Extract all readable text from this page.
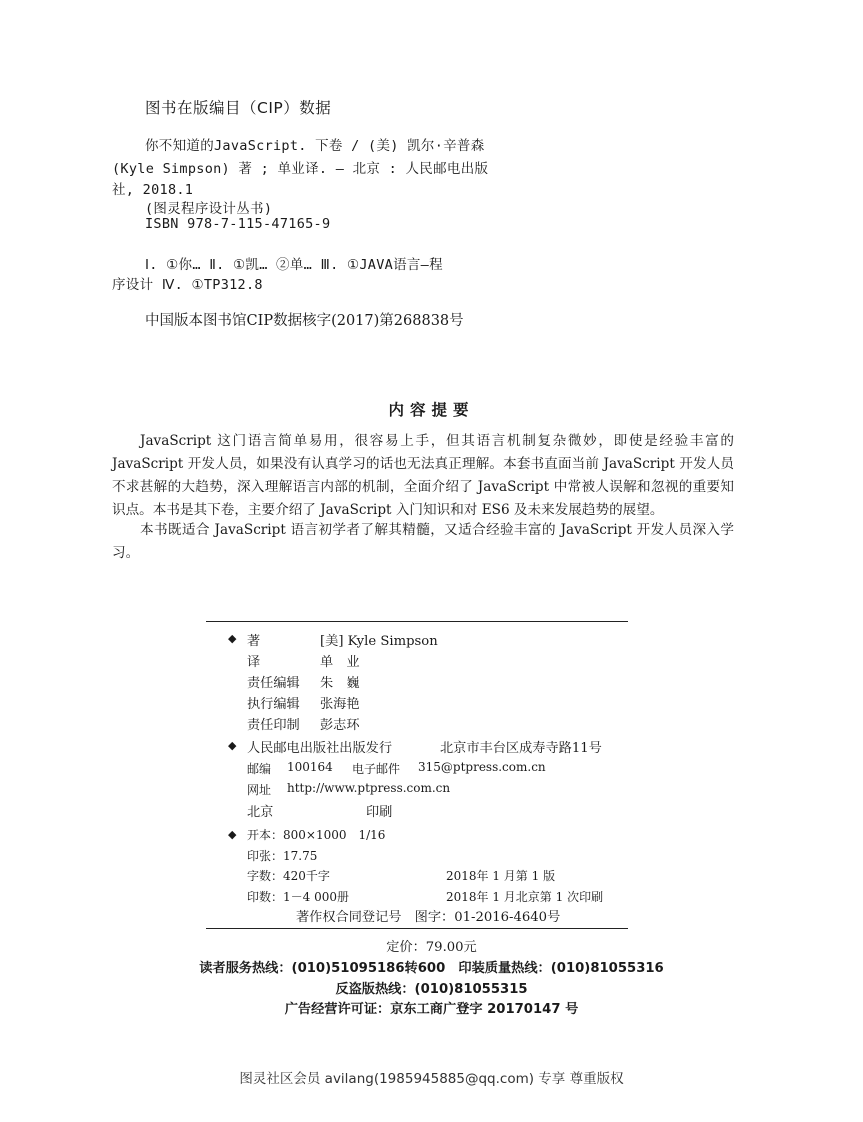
图书在版编目（CIP）数据
你不知道的JavaScript. 下卷 / (美) 凯尔·辛普森
(Kyle Simpson) 著 ; 单业译. — 北京 : 人民邮电出版
社, 2018.1
(图灵程序设计丛书)
ISBN 978-7-115-47165-9
Ⅰ. ①你… Ⅱ. ①凯… ②单… Ⅲ. ①JAVA语言—程
序设计 Ⅳ. ①TP312.8
中国版本图书馆CIP数据核字(2017)第268838号
内容提要

JavaScript 这门语言简单易用，很容易上手，但其语言机制复杂微妙，即使是经验丰富的 JavaScript 开发人员，如果没有认真学习的话也无法真正理解。本套书直面当前 JavaScript 开发人员不求甚解的大趋势，深入理解语言内部的机制，全面介绍了 JavaScript 中常被人误解和忽视的重要知识点。本书是其下卷，主要介绍了 JavaScript 入门知识和对 ES6 及未来发展趋势的展望。

本书既适合 JavaScript 语言初学者了解其精髓，又适合经验丰富的 JavaScript 开发人员深入学习。

◆ 著	[美] Kyle Simpson
译	单　业
责任编辑 朱　巍
执行编辑 张海艳
责任印制 彭志环
◆ 人民邮电出版社出版发行	北京市丰台区成寿寺路11号
邮编 100164 电子邮件 315@ptpress.com.cn
网址 http://www.ptpress.com.cn
北京	印刷
◆ 开本：800×1000　1/16
印张：17.75
字数：420千字	2018年 1 月第 1 版
印数：1－4 000册	2018年 1 月北京第 1 次印刷
著作权合同登记号　图字：01-2016-4640号
定价：79.00元
读者服务热线：(010)51095186转600　印装质量热线：(010)81055316
反盗版热线：(010)81055315
广告经营许可证：京东工商广登字 20170147 号
图灵社区会员 avilang(1985945885@qq.com) 专享 尊重版权
